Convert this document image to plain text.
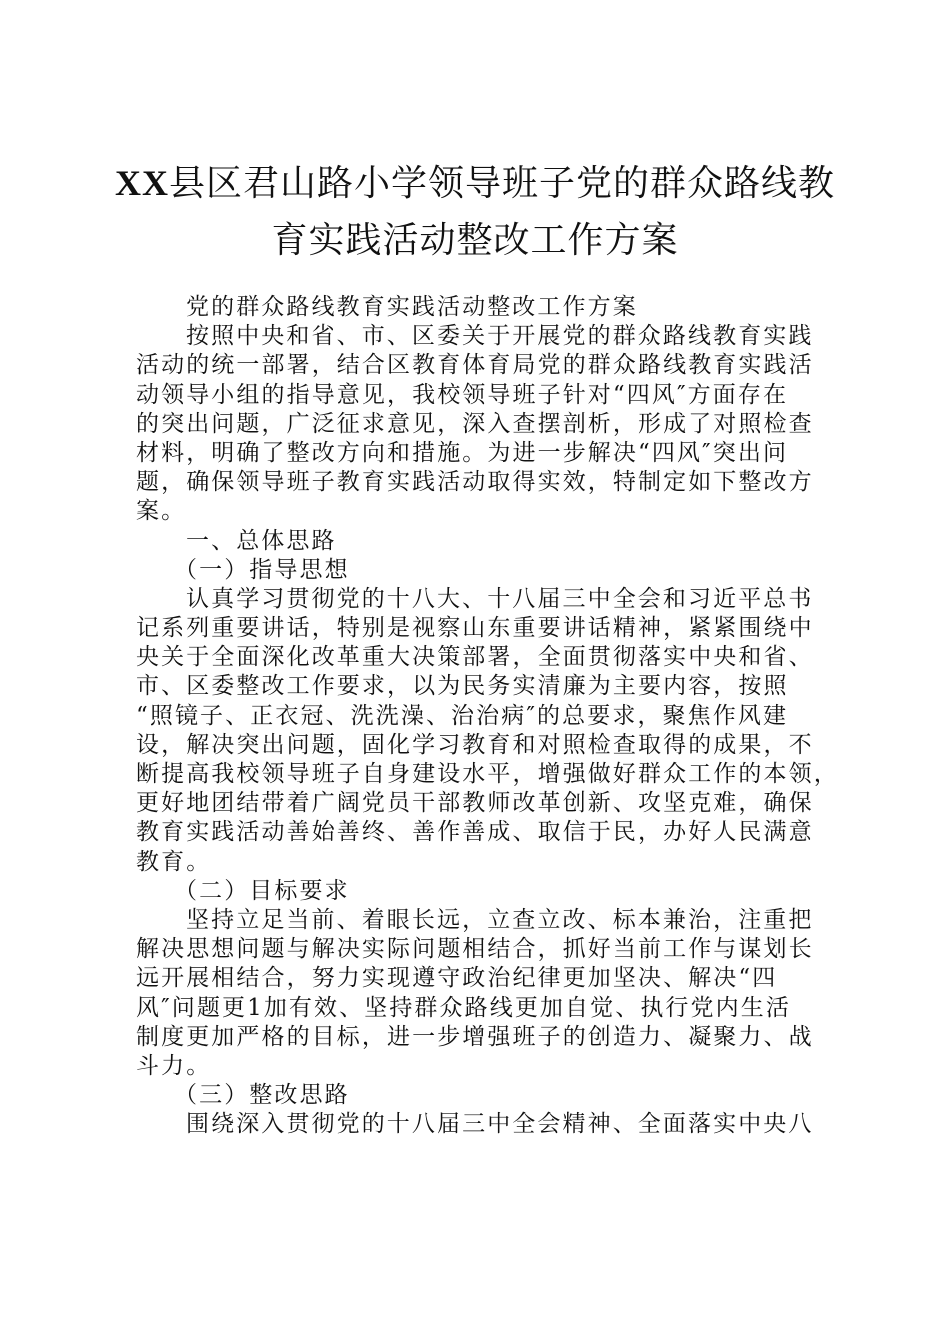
XX县区君山路小学领导班子党的群众路线教
育实践活动整改工作方案
党的群众路线教育实践活动整改工作方案
按照中央和省、市、区委关于开展党的群众路线教育实践
活动的统一部署，结合区教育体育局党的群众路线教育实践活
动领导小组的指导意见，我校领导班子针对“四风″方面存在
的突出问题，广泛征求意见，深入查摆剖析，形成了对照检查
材料，明确了整改方向和措施。为进一步解决“四风″突出问
题，确保领导班子教育实践活动取得实效，特制定如下整改方
案。
一、总体思路
（一）指导思想
认真学习贯彻党的十八大、十八届三中全会和习近平总书
记系列重要讲话，特别是视察山东重要讲话精神，紧紧围绕中
央关于全面深化改革重大决策部署，全面贯彻落实中央和省、
市、区委整改工作要求，以为民务实清廉为主要内容，按照
“照镜子、正衣冠、洗洗澡、治治病″的总要求，聚焦作风建
设，解决突出问题，固化学习教育和对照检查取得的成果，不
断提高我校领导班子自身建设水平，增强做好群众工作的本领，
更好地团结带着广阔党员干部教师改革创新、攻坚克难，确保
教育实践活动善始善终、善作善成、取信于民，办好人民满意
教育。
（二）目标要求
坚持立足当前、着眼长远，立查立改、标本兼治，注重把
解决思想问题与解决实际问题相结合，抓好当前工作与谋划长
远开展相结合，努力实现遵守政治纪律更加坚决、解决“四
风″问题更1加有效、坚持群众路线更加自觉、执行党内生活
制度更加严格的目标，进一步增强班子的创造力、凝聚力、战
斗力。
（三）整改思路
围绕深入贯彻党的十八届三中全会精神、全面落实中央八
